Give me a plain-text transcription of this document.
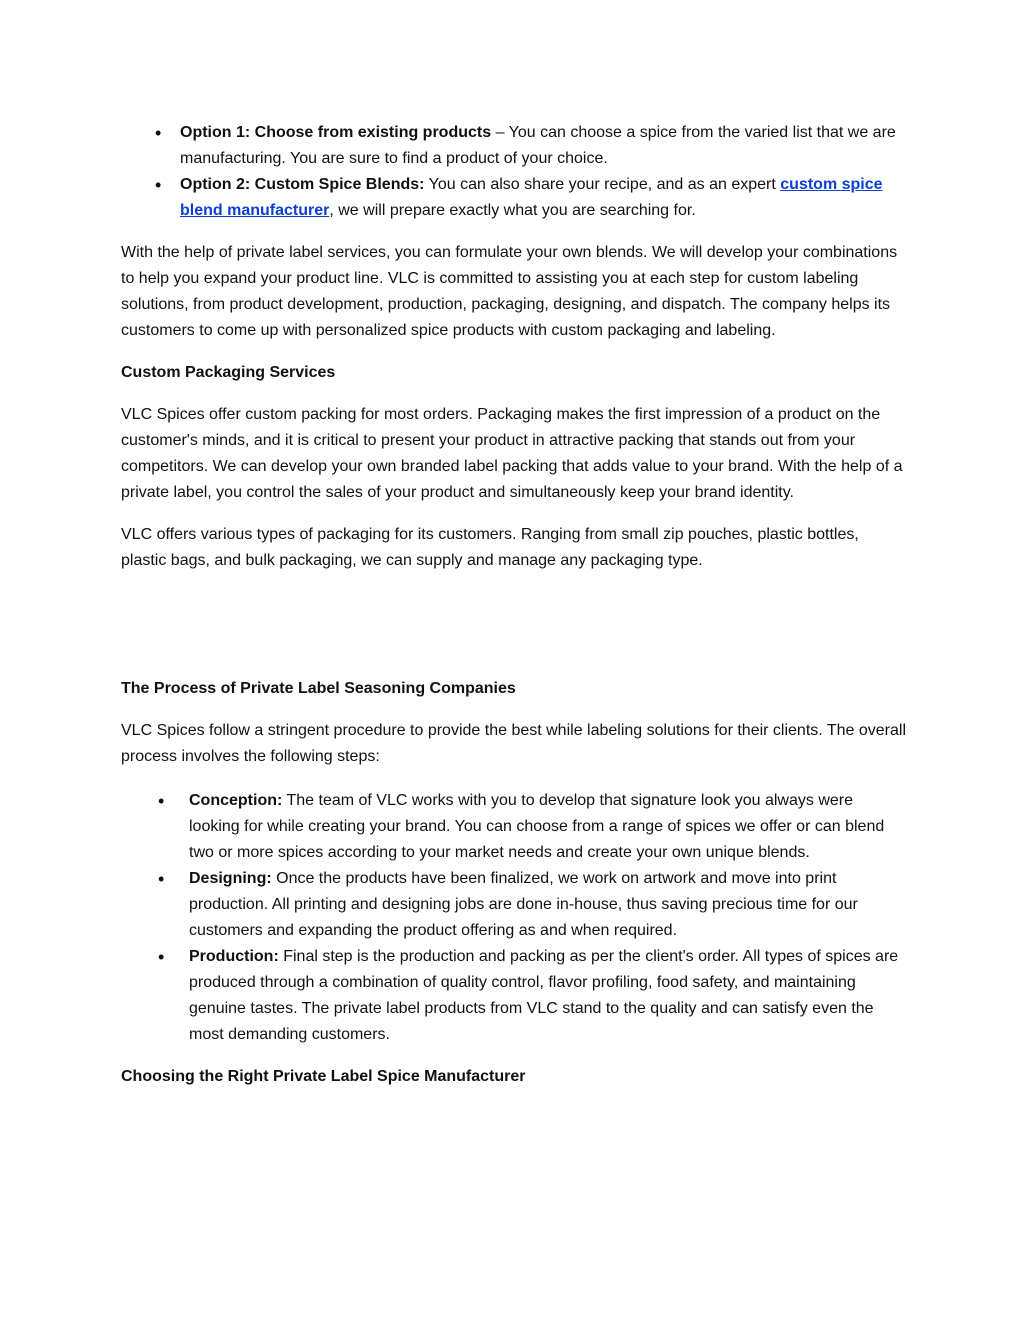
• Option 1: Choose from existing products – You can choose a spice from the varied list that we are manufacturing. You are sure to find a product of your choice.
• Option 2: Custom Spice Blends: You can also share your recipe, and as an expert custom spice blend manufacturer, we will prepare exactly what you are searching for.

With the help of private label services, you can formulate your own blends. We will develop your combinations to help you expand your product line. VLC is committed to assisting you at each step for custom labeling solutions, from product development, production, packaging, designing, and dispatch. The company helps its customers to come up with personalized spice products with custom packaging and labeling.

Custom Packaging Services

VLC Spices offer custom packing for most orders. Packaging makes the first impression of a product on the customer's minds, and it is critical to present your product in attractive packing that stands out from your competitors. We can develop your own branded label packing that adds value to your brand. With the help of a private label, you control the sales of your product and simultaneously keep your brand identity.

VLC offers various types of packaging for its customers. Ranging from small zip pouches, plastic bottles, plastic bags, and bulk packaging, we can supply and manage any packaging type.

The Process of Private Label Seasoning Companies

VLC Spices follow a stringent procedure to provide the best while labeling solutions for their clients. The overall process involves the following steps:

• Conception: The team of VLC works with you to develop that signature look you always were looking for while creating your brand. You can choose from a range of spices we offer or can blend two or more spices according to your market needs and create your own unique blends.
• Designing: Once the products have been finalized, we work on artwork and move into print production. All printing and designing jobs are done in-house, thus saving precious time for our customers and expanding the product offering as and when required.
• Production: Final step is the production and packing as per the client's order. All types of spices are produced through a combination of quality control, flavor profiling, food safety, and maintaining genuine tastes. The private label products from VLC stand to the quality and can satisfy even the most demanding customers.

Choosing the Right Private Label Spice Manufacturer
